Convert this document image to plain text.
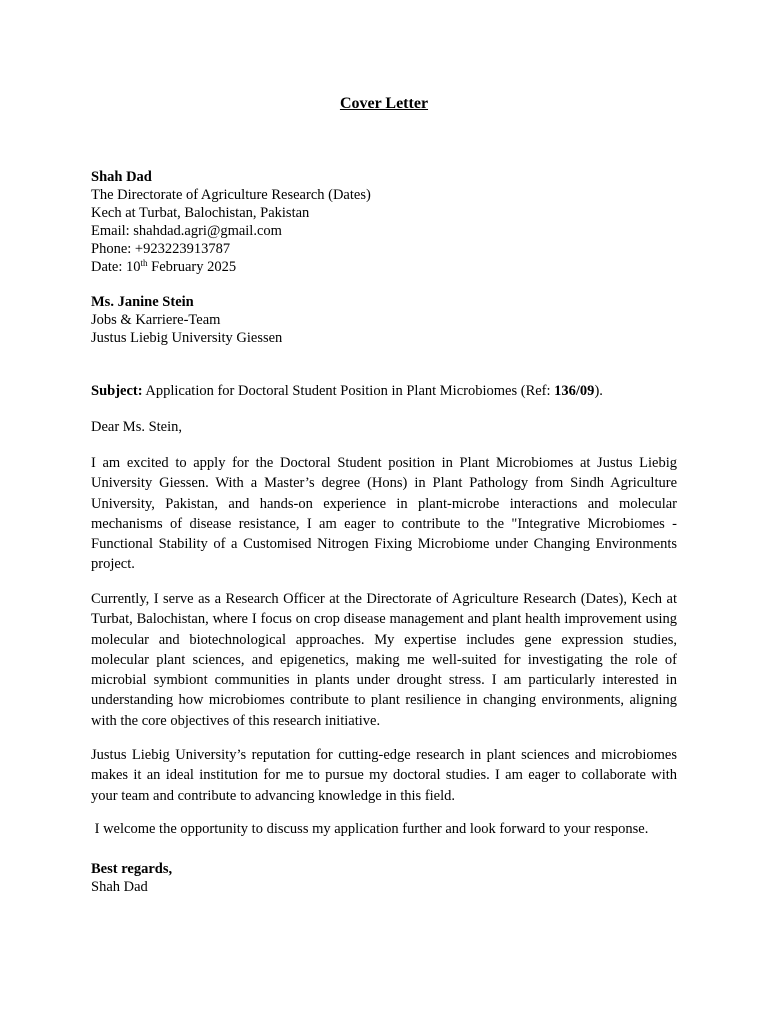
Cover Letter
Shah Dad
The Directorate of Agriculture Research (Dates)
Kech at Turbat, Balochistan, Pakistan
Email: shahdad.agri@gmail.com
Phone: +923223913787
Date: 10th February 2025
Ms. Janine Stein
Jobs & Karriere-Team
Justus Liebig University Giessen
Subject: Application for Doctoral Student Position in Plant Microbiomes (Ref: 136/09).
Dear Ms. Stein,

I am excited to apply for the Doctoral Student position in Plant Microbiomes at Justus Liebig University Giessen. With a Master’s degree (Hons) in Plant Pathology from Sindh Agriculture University, Pakistan, and hands-on experience in plant-microbe interactions and molecular mechanisms of disease resistance, I am eager to contribute to the "Integrative Microbiomes - Functional Stability of a Customised Nitrogen Fixing Microbiome under Changing Environments project.

Currently, I serve as a Research Officer at the Directorate of Agriculture Research (Dates), Kech at Turbat, Balochistan, where I focus on crop disease management and plant health improvement using molecular and biotechnological approaches. My expertise includes gene expression studies, molecular plant sciences, and epigenetics, making me well-suited for investigating the role of microbial symbiont communities in plants under drought stress. I am particularly interested in understanding how microbiomes contribute to plant resilience in changing environments, aligning with the core objectives of this research initiative.

Justus Liebig University’s reputation for cutting-edge research in plant sciences and microbiomes makes it an ideal institution for me to pursue my doctoral studies. I am eager to collaborate with your team and contribute to advancing knowledge in this field.

I welcome the opportunity to discuss my application further and look forward to your response.

Best regards,
Shah Dad
